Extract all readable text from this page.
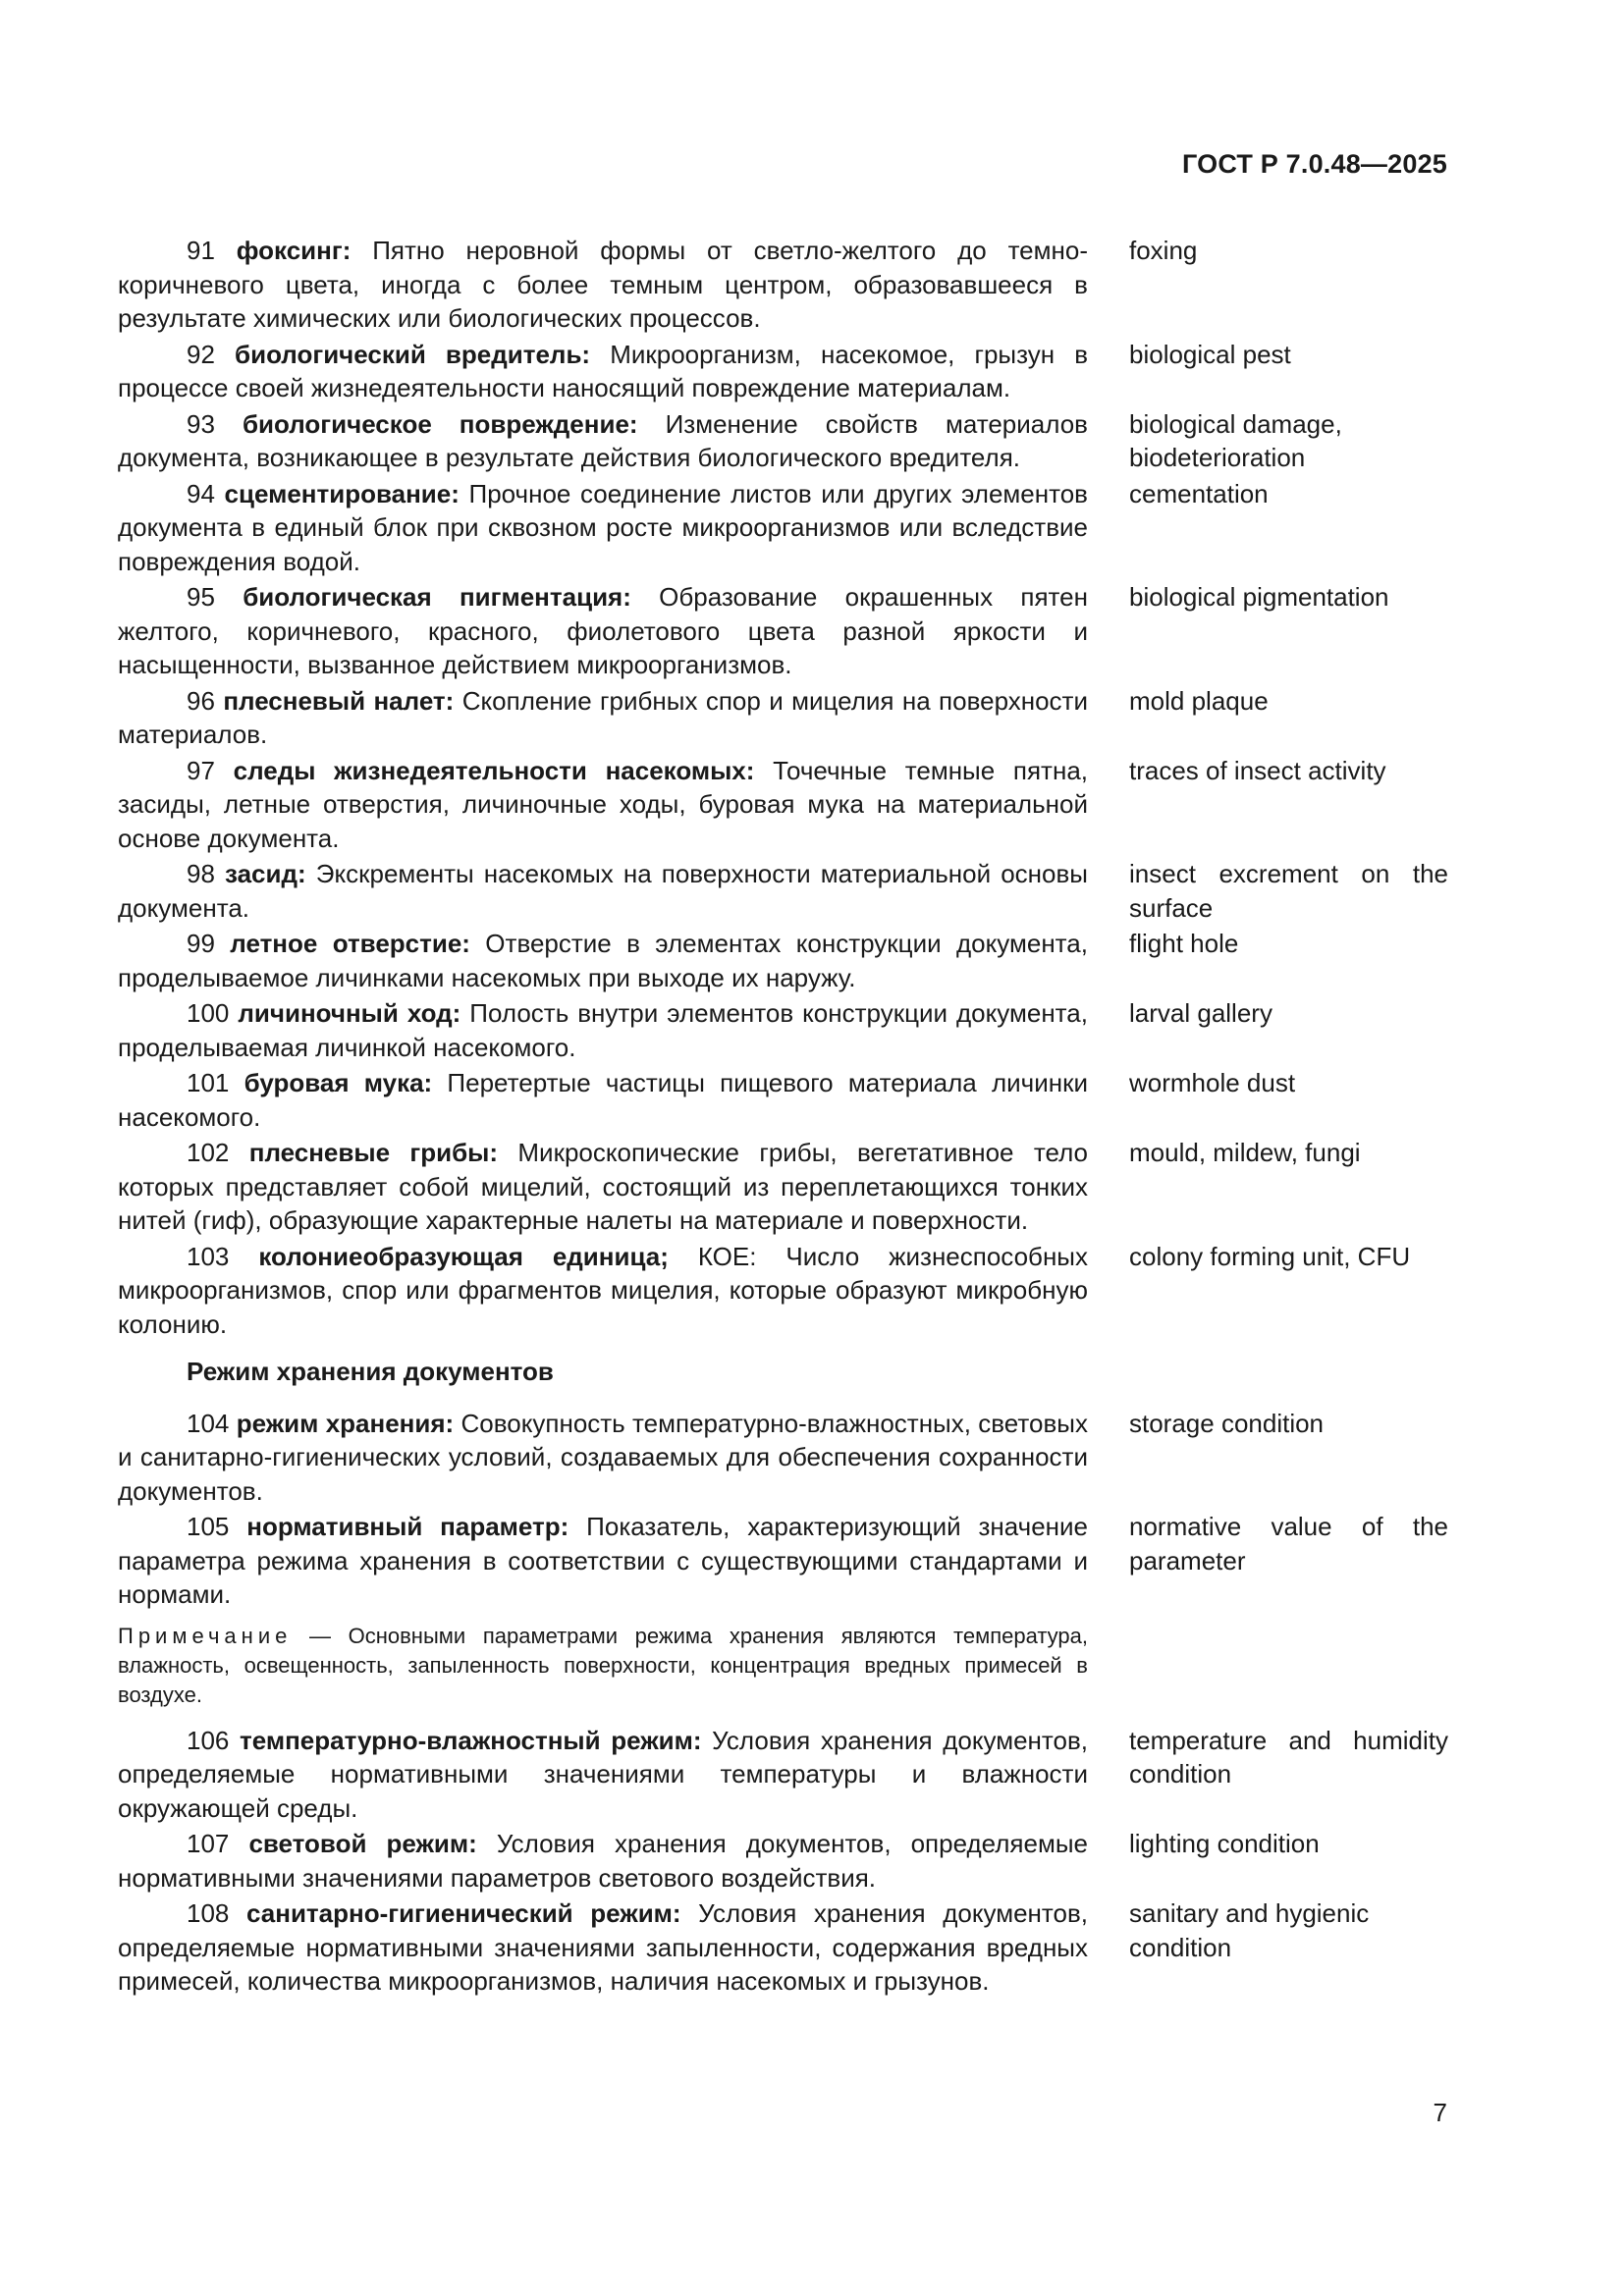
ГОСТ Р 7.0.48—2025
91 фоксинг: Пятно неровной формы от светло-желтого до темно-коричневого цвета, иногда с более темным центром, образовавшееся в результате химических или биологических процессов.
foxing
92 биологический вредитель: Микроорганизм, насекомое, грызун в процессе своей жизнедеятельности наносящий повреждение материалам.
biological pest
93 биологическое повреждение: Изменение свойств материалов документа, возникающее в результате действия биологического вредителя.
biological damage, biodeterioration
94 сцементирование: Прочное соединение листов или других элементов документа в единый блок при сквозном росте микроорганизмов или вследствие повреждения водой.
cementation
95 биологическая пигментация: Образование окрашенных пятен желтого, коричневого, красного, фиолетового цвета разной яркости и насыщенности, вызванное действием микроорганизмов.
biological pigmentation
96 плесневый налет: Скопление грибных спор и мицелия на поверхности материалов.
mold plaque
97 следы жизнедеятельности насекомых: Точечные темные пятна, засиды, летные отверстия, личиночные ходы, буровая мука на материальной основе документа.
traces of insect activity
98 засид: Экскременты насекомых на поверхности материальной основы документа.
insect excrement on the surface
99 летное отверстие: Отверстие в элементах конструкции документа, проделываемое личинками насекомых при выходе их наружу.
flight hole
100 личиночный ход: Полость внутри элементов конструкции документа, проделываемая личинкой насекомого.
larval gallery
101 буровая мука: Перетертые частицы пищевого материала личинки насекомого.
wormhole dust
102 плесневые грибы: Микроскопические грибы, вегетативное тело которых представляет собой мицелий, состоящий из переплетающихся тонких нитей (гиф), образующие характерные налеты на материале и поверхности.
mould, mildew, fungi
103 колониеобразующая единица; КОЕ: Число жизнеспособных микроорганизмов, спор или фрагментов мицелия, которые образуют микробную колонию.
colony forming unit, CFU
Режим хранения документов
104 режим хранения: Совокупность температурно-влажностных, световых и санитарно-гигиенических условий, создаваемых для обеспечения сохранности документов.
storage condition
105 нормативный параметр: Показатель, характеризующий значение параметра режима хранения в соответствии с существующими стандартами и нормами.
normative value of the parameter
Примечание — Основными параметрами режима хранения являются температура, влажность, освещенность, запыленность поверхности, концентрация вредных примесей в воздухе.
106 температурно-влажностный режим: Условия хранения документов, определяемые нормативными значениями температуры и влажности окружающей среды.
temperature and humidity condition
107 световой режим: Условия хранения документов, определяемые нормативными значениями параметров светового воздействия.
lighting condition
108 санитарно-гигиенический режим: Условия хранения документов, определяемые нормативными значениями запыленности, содержания вредных примесей, количества микроорганизмов, наличия насекомых и грызунов.
sanitary and hygienic condition
7
